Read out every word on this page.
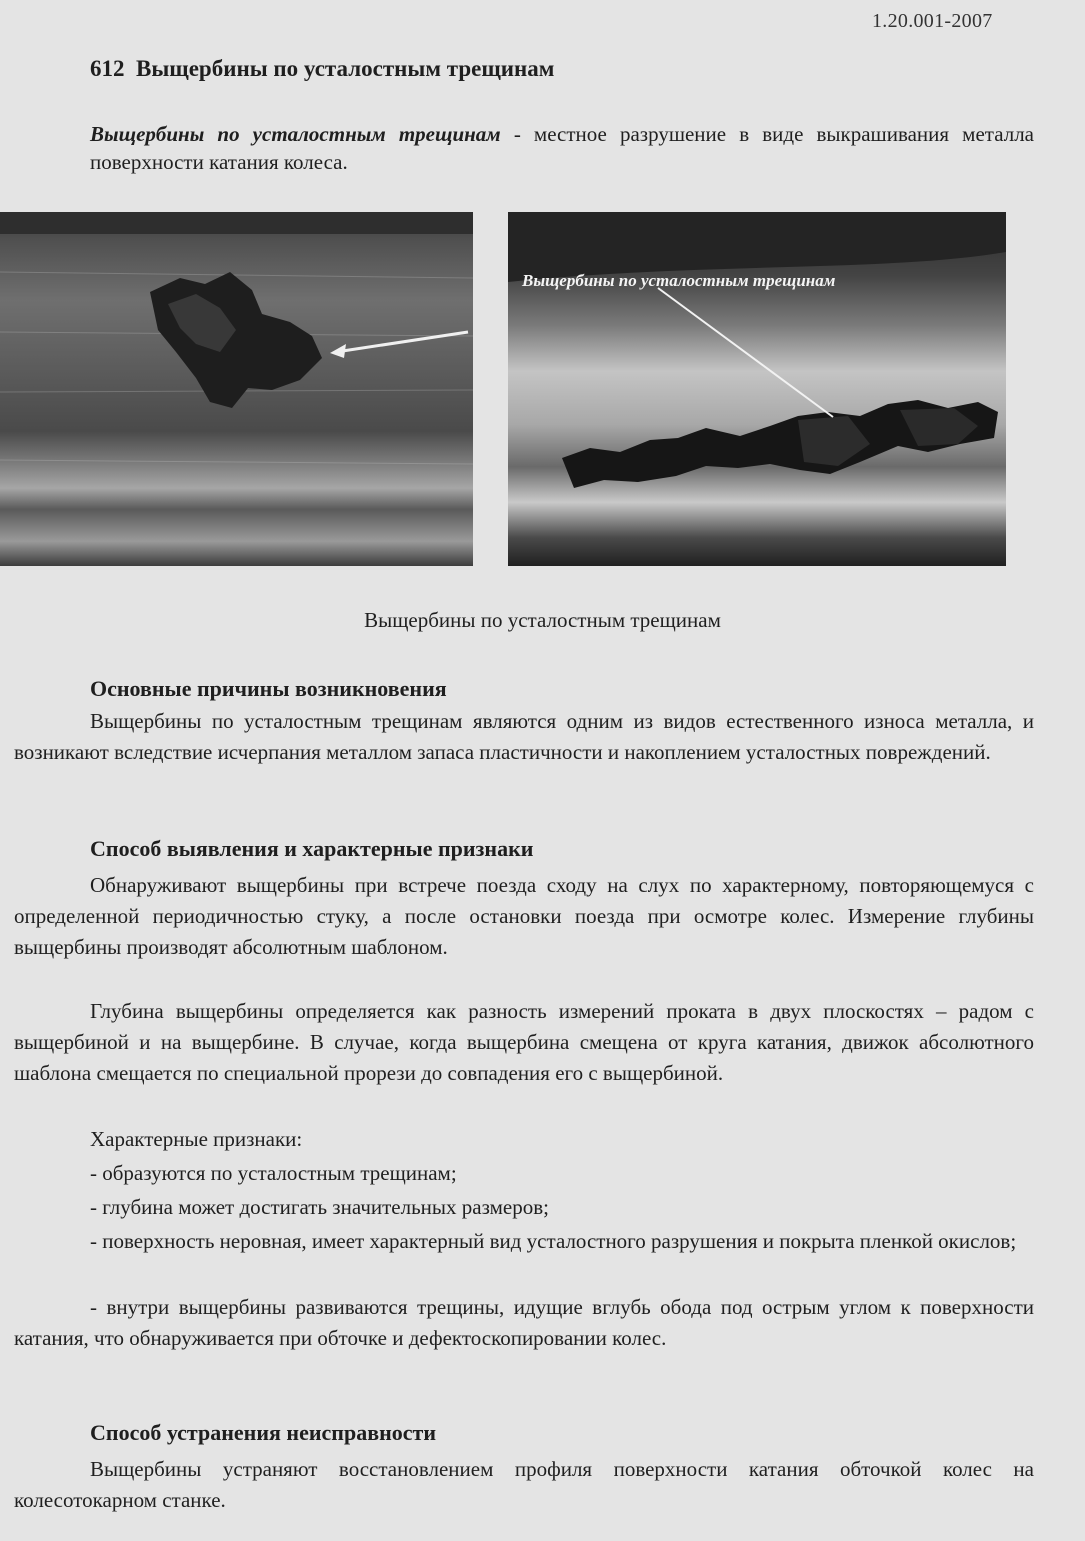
1.20.001-2007
612 Выщербины по усталостным трещинам
Выщербины по усталостным трещинам - местное разрушение в виде выкрашивания металла поверхности катания колеса.
Выщербины по усталостным трещинам
Выщербины по усталостным трещинам
Основные причины возникновения
Выщербины по усталостным трещинам являются одним из видов естественного износа металла, и возникают вследствие исчерпания металлом запаса пластичности и накоплением усталостных повреждений.
Способ выявления и характерные признаки
Обнаруживают выщербины при встрече поезда сходу на слух по характерному, повторяющемуся с определенной периодичностью стуку, а после остановки поезда при осмотре колес. Измерение глубины выщербины производят абсолютным шаблоном.
Глубина выщербины определяется как разность измерений проката в двух плоскостях – радом с выщербиной и на выщербине. В случае, когда выщербина смещена от круга катания, движок абсолютного шаблона смещается по специальной прорези до совпадения его с выщербиной.
Характерные признаки:
- образуются по усталостным трещинам;
- глубина может достигать значительных размеров;
- поверхность неровная, имеет характерный вид усталостного разрушения и покрыта пленкой окислов;
- внутри выщербины развиваются трещины, идущие вглубь обода под острым углом к поверхности катания, что обнаруживается при обточке и дефектоскопировании колес.
Способ устранения неисправности
Выщербины устраняют восстановлением профиля поверхности катания обточкой колес на колесотокарном станке.
